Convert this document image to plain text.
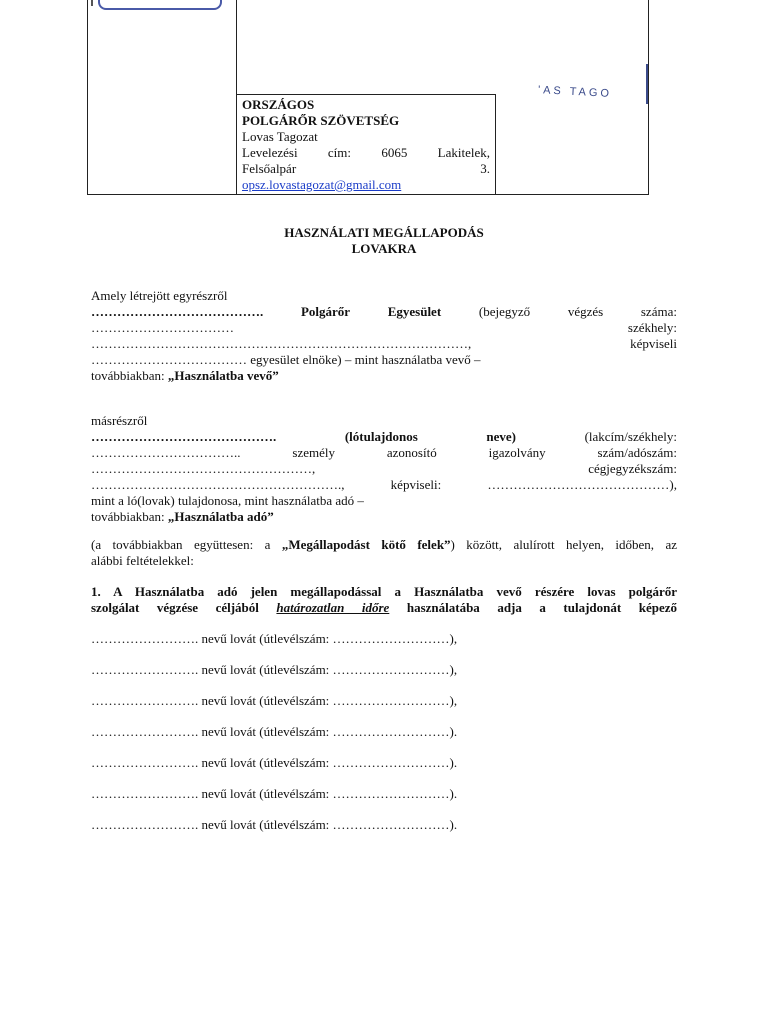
ORSZÁGOS
POLGÁRŐR SZÖVETSÉG
Lovas Tagozat
Levelezési cím: 6065 Lakitelek,
Felsőalpár 3.
opsz.lovastagozat@gmail.com
'AS TAGO
HASZNÁLATI MEGÁLLAPODÁS
LOVAKRA
Amely létrejött egyrészről
………………………………….	Polgárőr	Egyesület	(bejegyző	végzés	száma:
……………………………	székhely:
……………………………………………………………………………,	képviseli
……………………………… egyesület elnöke) – mint használatba vevő –
továbbiakban: „Használatba vevő”
másrészről
…………………………………….	(lótulajdonos	neve)	(lakcím/székhely:
……………………………..	személy	azonosító	igazolvány	szám/adószám:
……………………………………………,	cégjegyzékszám:
………………………………………………….,	képviseli:	……………………………………),
mint a ló(lovak) tulajdonosa, mint használatba adó –
továbbiakban: „Használatba adó”
(a továbbiakban együttesen: a „Megállapodást kötő felek”) között, alulírott helyen, időben, az
alábbi feltételekkel:
1. A Használatba adó jelen megállapodással a Használatba vevő részére lovas polgárőr
szolgálat végzése céljából határozatlan időre használatába adja a tulajdonát képező
……………………. nevű lovát (útlevélszám: ………………………),
……………………. nevű lovát (útlevélszám: ………………………),
……………………. nevű lovát (útlevélszám: ………………………),
……………………. nevű lovát (útlevélszám: ………………………).
……………………. nevű lovát (útlevélszám: ………………………).
……………………. nevű lovát (útlevélszám: ………………………).
……………………. nevű lovát (útlevélszám: ………………………).
